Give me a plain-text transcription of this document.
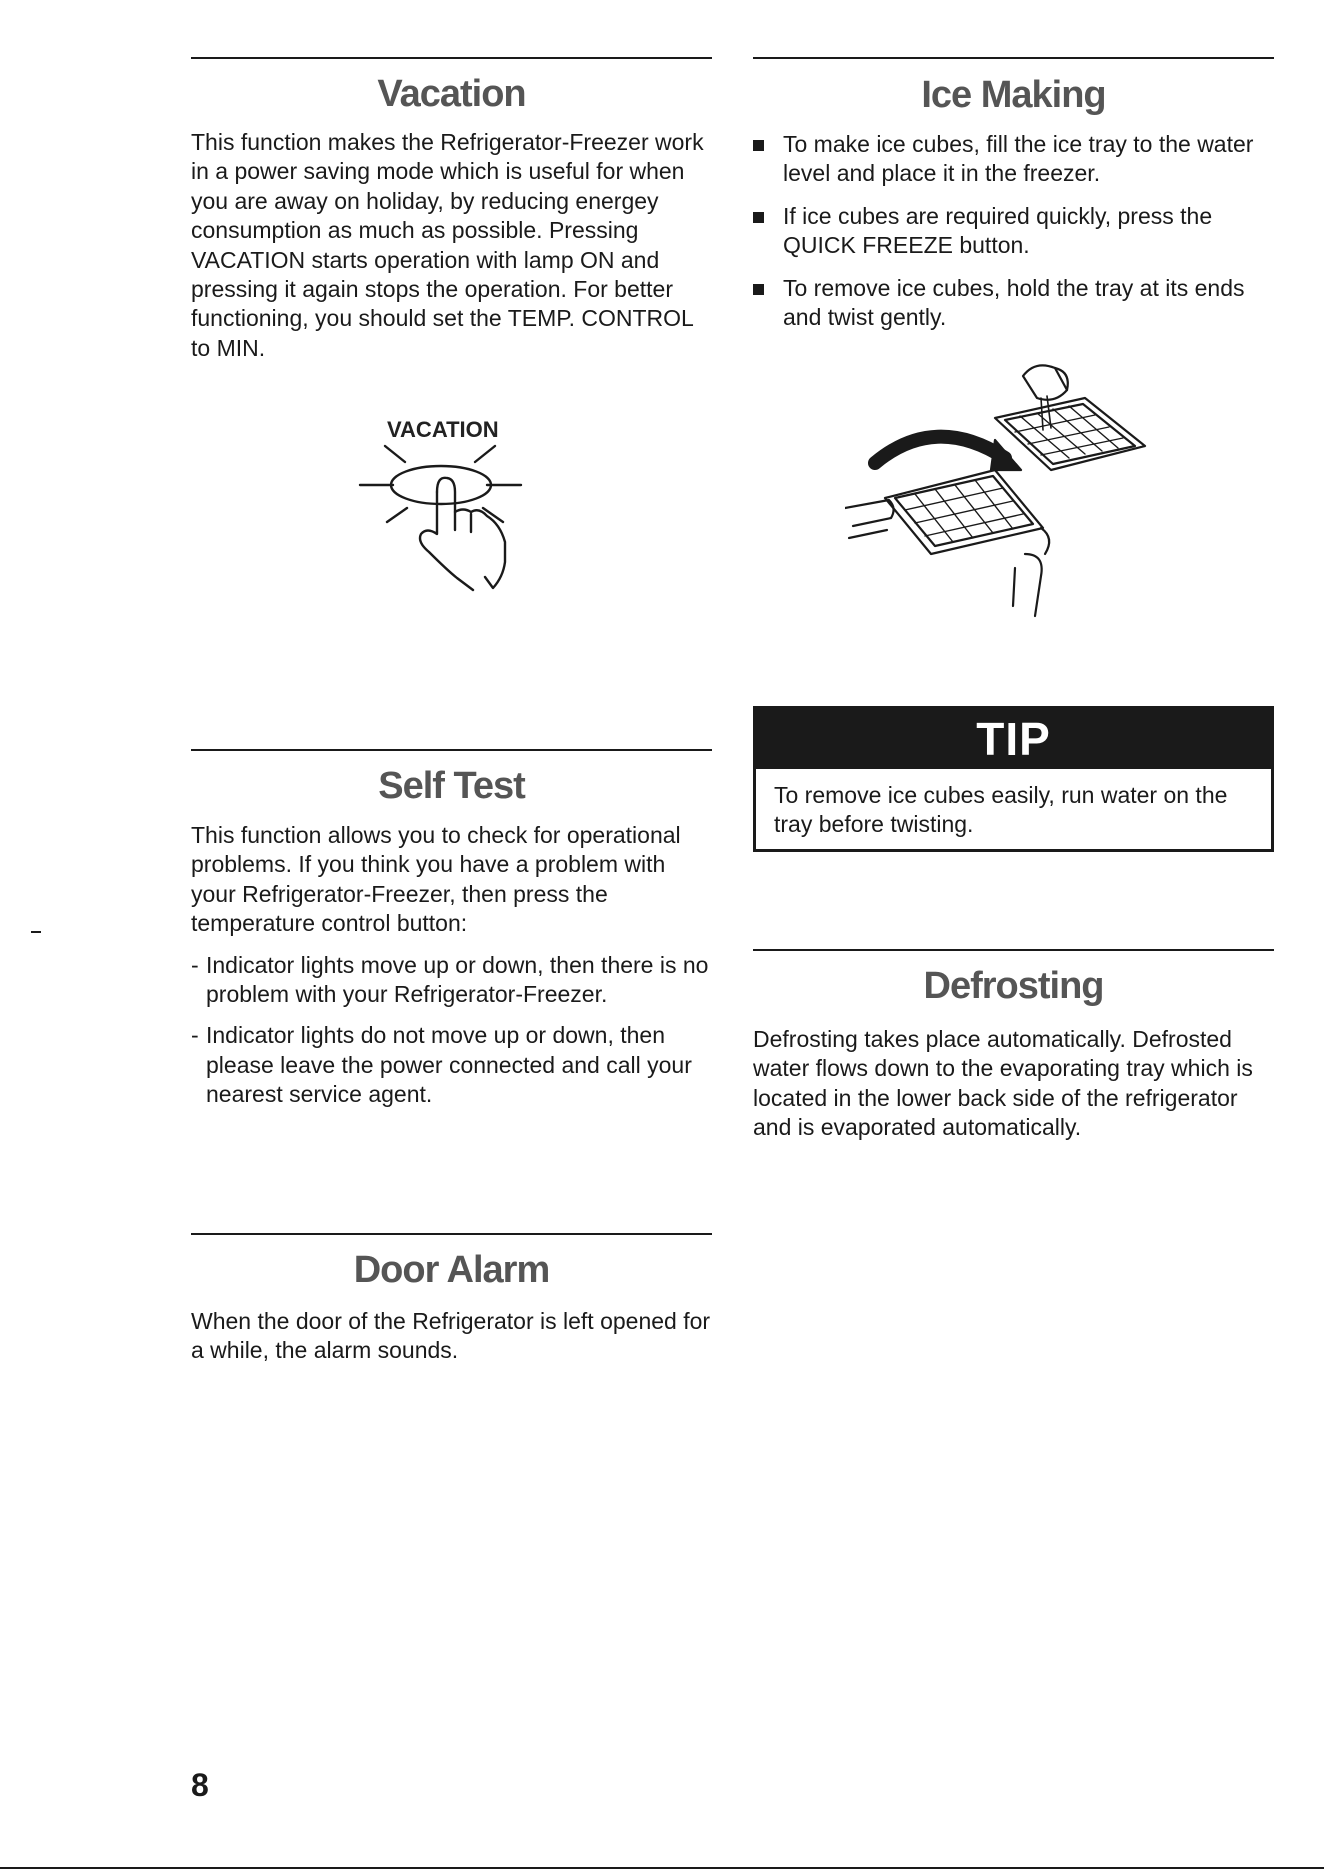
Vacation

This function makes the Refrigerator-Freezer work in a power saving mode which is useful for when you are away on holiday, by reducing energey consumption as much as possible. Pressing VACATION starts operation with lamp ON and pressing it again stops the operation. For better functioning, you should set the TEMP. CONTROL to MIN.

VACATION
Ice Making
To make ice cubes, fill the ice tray to the water level and place it in the freezer.
If ice cubes are required quickly, press the QUICK FREEZE button.
To remove ice cubes, hold the tray at its ends and twist gently.
TIP
To remove ice cubes easily, run water on the tray before twisting.
Self Test

This function allows you to check for operational problems. If you think you have a problem with your Refrigerator-Freezer, then press the temperature control button:

- Indicator lights move up or down, then there is no problem with your Refrigerator-Freezer.

- Indicator lights do not move up or down, then please leave the power connected and call your nearest service agent.

Defrosting

Defrosting takes place automatically. Defrosted water flows down to the evaporating tray which is located in the lower back side of the refrigerator and is evaporated automatically.

Door Alarm

When the door of the Refrigerator is left opened for a while, the alarm sounds.

8
